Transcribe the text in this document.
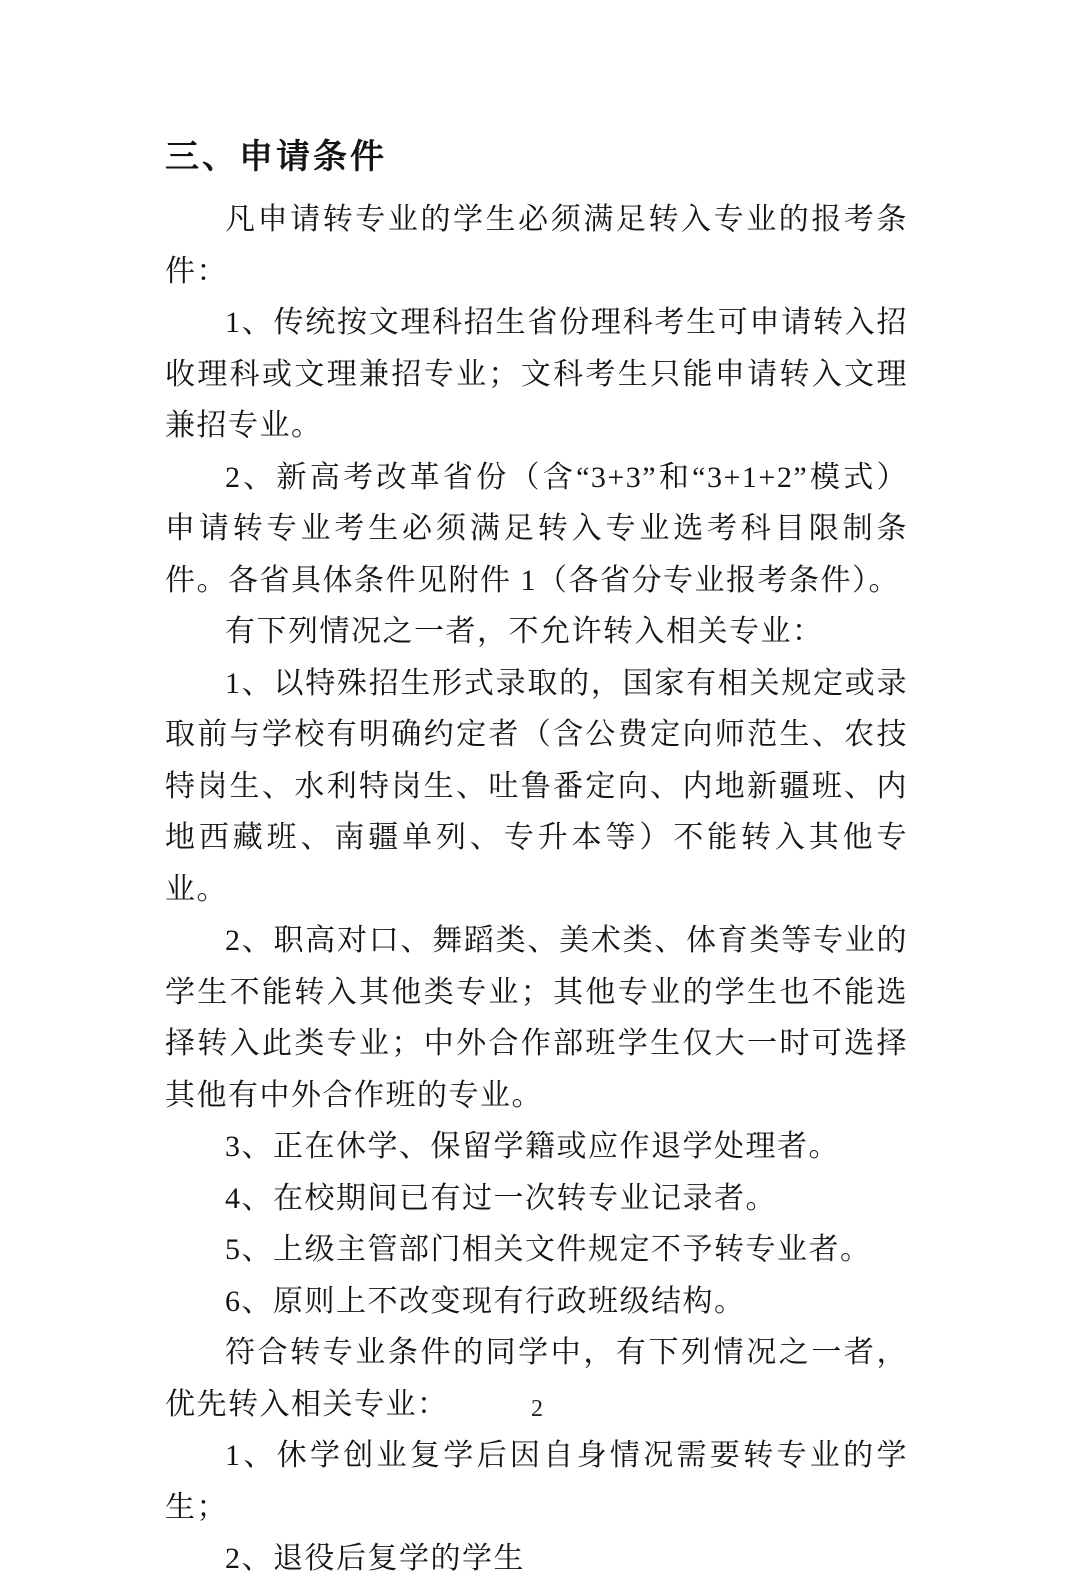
三、申请条件

凡申请转专业的学生必须满足转入专业的报考条件：

1、传统按文理科招生省份理科考生可申请转入招收理科或文理兼招专业；文科考生只能申请转入文理兼招专业。

2、新高考改革省份（含“3+3”和“3+1+2”模式）申请转专业考生必须满足转入专业选考科目限制条件。各省具体条件见附件 1（各省分专业报考条件）。

有下列情况之一者，不允许转入相关专业：

1、以特殊招生形式录取的，国家有相关规定或录取前与学校有明确约定者（含公费定向师范生、农技特岗生、水利特岗生、吐鲁番定向、内地新疆班、内地西藏班、南疆单列、专升本等）不能转入其他专业。

2、职高对口、舞蹈类、美术类、体育类等专业的学生不能转入其他类专业；其他专业的学生也不能选择转入此类专业；中外合作部班学生仅大一时可选择其他有中外合作班的专业。

3、正在休学、保留学籍或应作退学处理者。

4、在校期间已有过一次转专业记录者。

5、上级主管部门相关文件规定不予转专业者。

6、原则上不改变现有行政班级结构。

符合转专业条件的同学中，有下列情况之一者，优先转入相关专业：

1、休学创业复学后因自身情况需要转专业的学生；

2、退役后复学的学生

2
